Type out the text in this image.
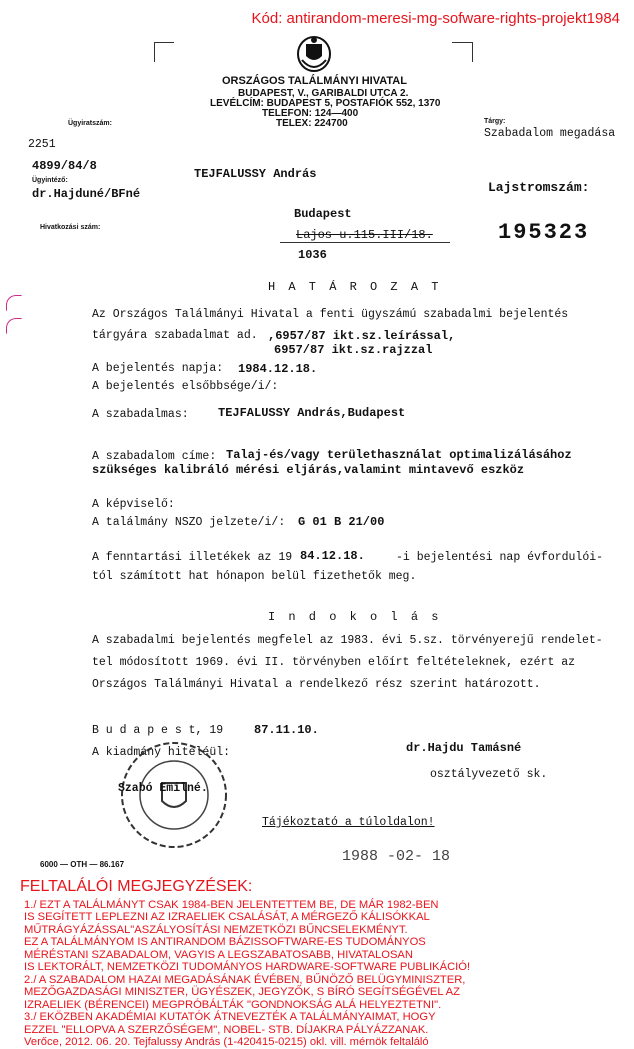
Kód: antirandom-meresi-mg-sofware-rights-projekt1984
ORSZÁGOS TALÁLMÁNYI HIVATAL
BUDAPEST, V., GARIBALDI UTCA 2.
LEVÉLCÍM: BUDAPEST 5, POSTAFIÓK 552, 1370
TELEFON: 124—400
TELEX: 224700
Ügyiratszám:
2251
4899/84/8
Ügyintéző:
dr.Hajduné/BFné
Hivatkozási szám:
Tárgy:
Szabadalom megadása
Lajstromszám:
195323
TEJFALUSSY András
Budapest
Lajos u.115.III/18.
1036
H A T Á R O Z A T
Az Országos Találmányi Hivatal a fenti ügyszámú szabadalmi bejelentés
tárgyára szabadalmat ad. ,6957/87 ikt.sz.leírással,
6957/87 ikt.sz.rajzzal
A bejelentés napja: 1984.12.18.
A bejelentés elsőbbsége/i/:
A szabadalmas: TEJFALUSSY András,Budapest
A szabadalom címe: Talaj-és/vagy területhasználat optimalizálásához
szükséges kalibráló mérési eljárás,valamint mintavevő eszköz
A képviselő:
A találmány NSZO jelzete/i/: G 01 B 21/00
A fenntartási illetékek az 19 84.12.18.	-i bejelentési nap évfordulói-
tól számított hat hónapon belül fizethetők meg.
I n d o k o l á s
A szabadalmi bejelentés megfelel az 1983. évi 5.sz. törvényerejű rendelet-
tel módosított 1969. évi II. törvényben előírt feltételeknek, ezért az
Országos Találmányi Hivatal a rendelkező rész szerint határozott.
B u d a p e s t, 19	87.11.10.
A kiadmány hiteléül:	dr.Hajdu Tamásné
osztályvezető sk.
Szabó Emilné.
Tájékoztató a túloldalon!
6000 — OTH — 86.167	1988 -02- 18
FELTALÁLÓI MEGJEGYZÉSEK:
1./ EZT A TALÁLMÁNYT CSAK 1984-BEN JELENTETTEM BE, DE MÁR 1982-BEN
IS SEGÍTETT LEPLEZNI AZ IZRAELIEK CSALÁSÁT, A MÉRGEZŐ KÁLISÓKKAL
MŰTRÁGYÁZÁSSAL"ASZÁLYOSÍTÁSI NEMZETKÖZI BŰNCSELEKMÉNYT.
EZ A TALÁLMÁNYOM IS ANTIRANDOM BÁZISSOFTWARE-ES TUDOMÁNYOS
MÉRÉSTANI SZABADALOM, VAGYIS A LEGSZABATOSABB, HIVATALOSAN
IS LEKTORÁLT, NEMZETKÖZI TUDOMÁNYOS HARDWARE-SOFTWARE PUBLIKÁCIÓ!
2./ A SZABADALOM HAZAI MEGADÁSÁNAK ÉVÉBEN, BŰNÖZŐ BELÜGYMINISZTER,
MEZŐGAZDASÁGI MINISZTER, ÜGYÉSZEK, JEGYZŐK, S BÍRÓ SEGÍTSÉGÉVEL AZ
IZRAELIEK (BÉRENCEI) MEGPRÓBÁLTÁK "GONDNOKSÁG ALÁ HELYEZTETNI".
3./ EKÖZBEN AKADÉMIAI KUTATÓK ÁTNEVEZTÉK A TALÁLMÁNYAIMAT, HOGY
EZZEL "ELLOPVA A SZERZŐSÉGEM", NOBEL- STB. DÍJAKRA PÁLYÁZZANAK.
Verőce, 2012. 06. 20. Tejfalussy András (1-420415-0215) okl. vill. mérnök feltaláló
